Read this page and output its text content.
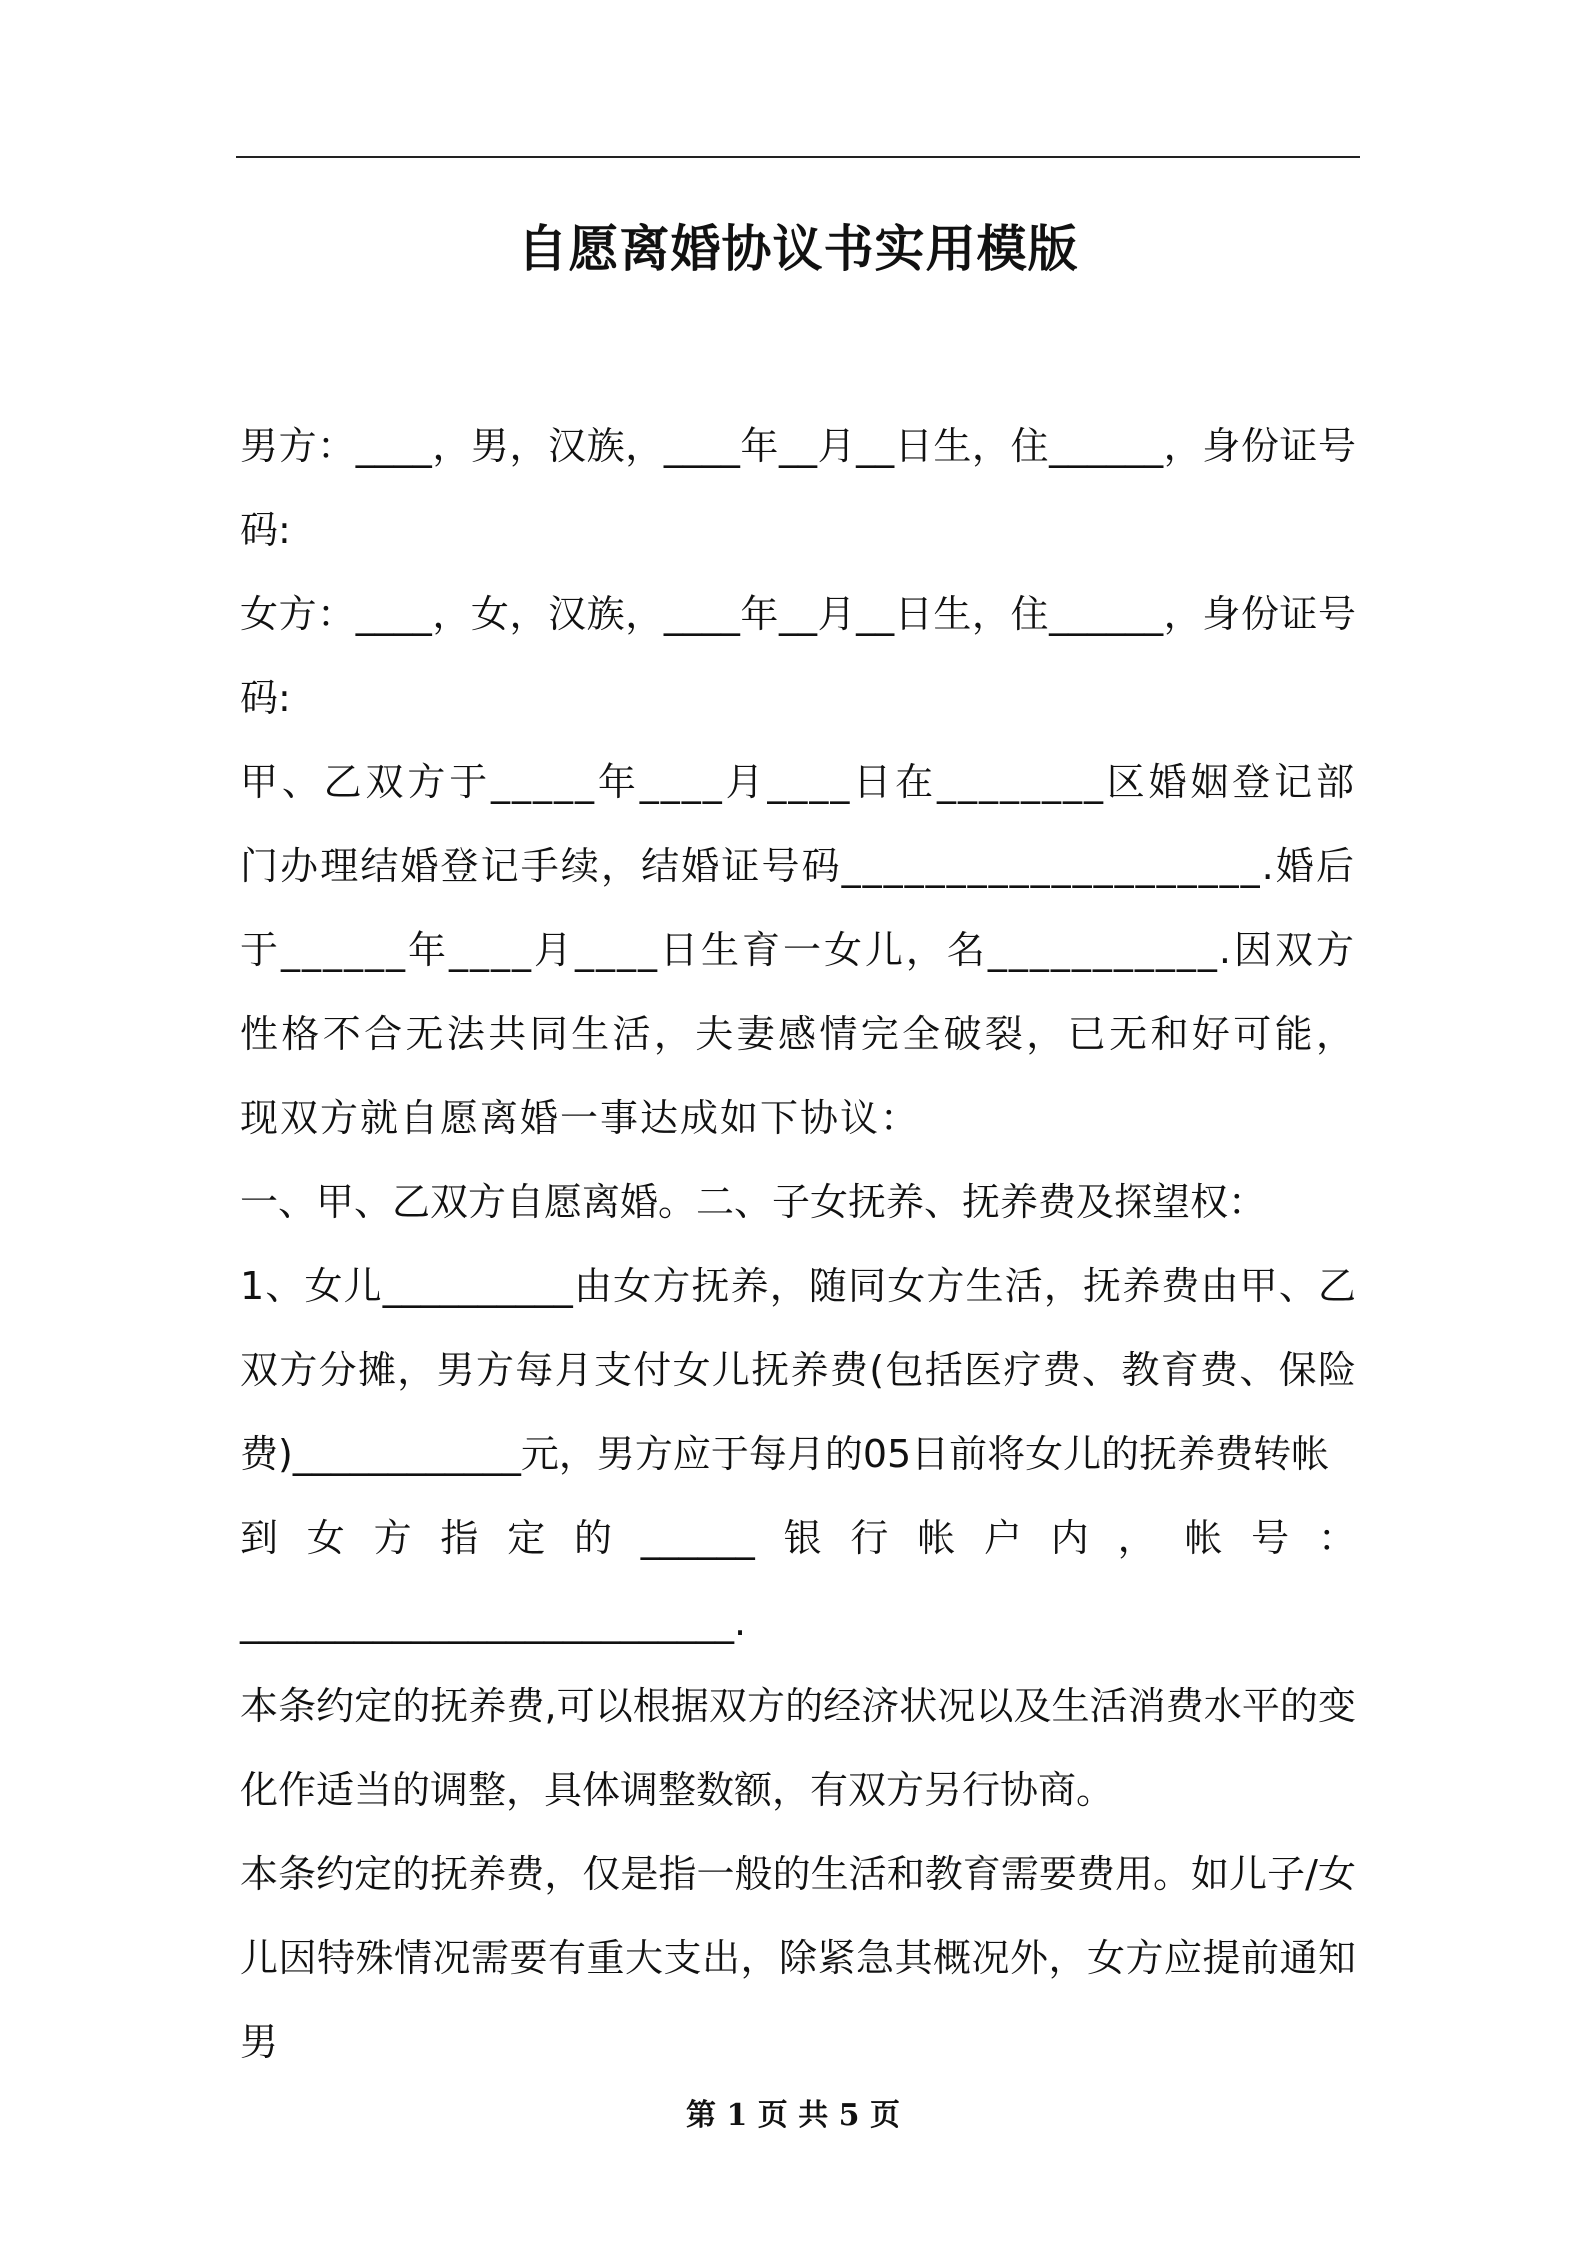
自愿离婚协议书实用模版

男方：____，男，汉族，____年__月__日生，住______，身份证号码:

女方：____，女，汉族，____年__月__日生，住______，身份证号码:

甲、乙双方于_____年____月____日在________区婚姻登记部门办理结婚登记手续，结婚证号码____________________.婚后于______年____月____日生育一女儿，名___________.因双方性格不合无法共同生活，夫妻感情完全破裂，已无和好可能，现双方就自愿离婚一事达成如下协议：

一、甲、乙双方自愿离婚。二、子女抚养、抚养费及探望权：

1、女儿__________由女方抚养，随同女方生活，抚养费由甲、乙双方分摊，男方每月支付女儿抚养费(包括医疗费、教育费、保险费)____________元，男方应于每月的05日前将女儿的抚养费转帐

到女方指定的______银行帐户内，帐号：

__________________________.

本条约定的抚养费,可以根据双方的经济状况以及生活消费水平的变化作适当的调整，具体调整数额，有双方另行协商。

本条约定的抚养费，仅是指一般的生活和教育需要费用。如儿子/女儿因特殊情况需要有重大支出，除紧急其概况外，女方应提前通知男

第 1 页 共 5 页
